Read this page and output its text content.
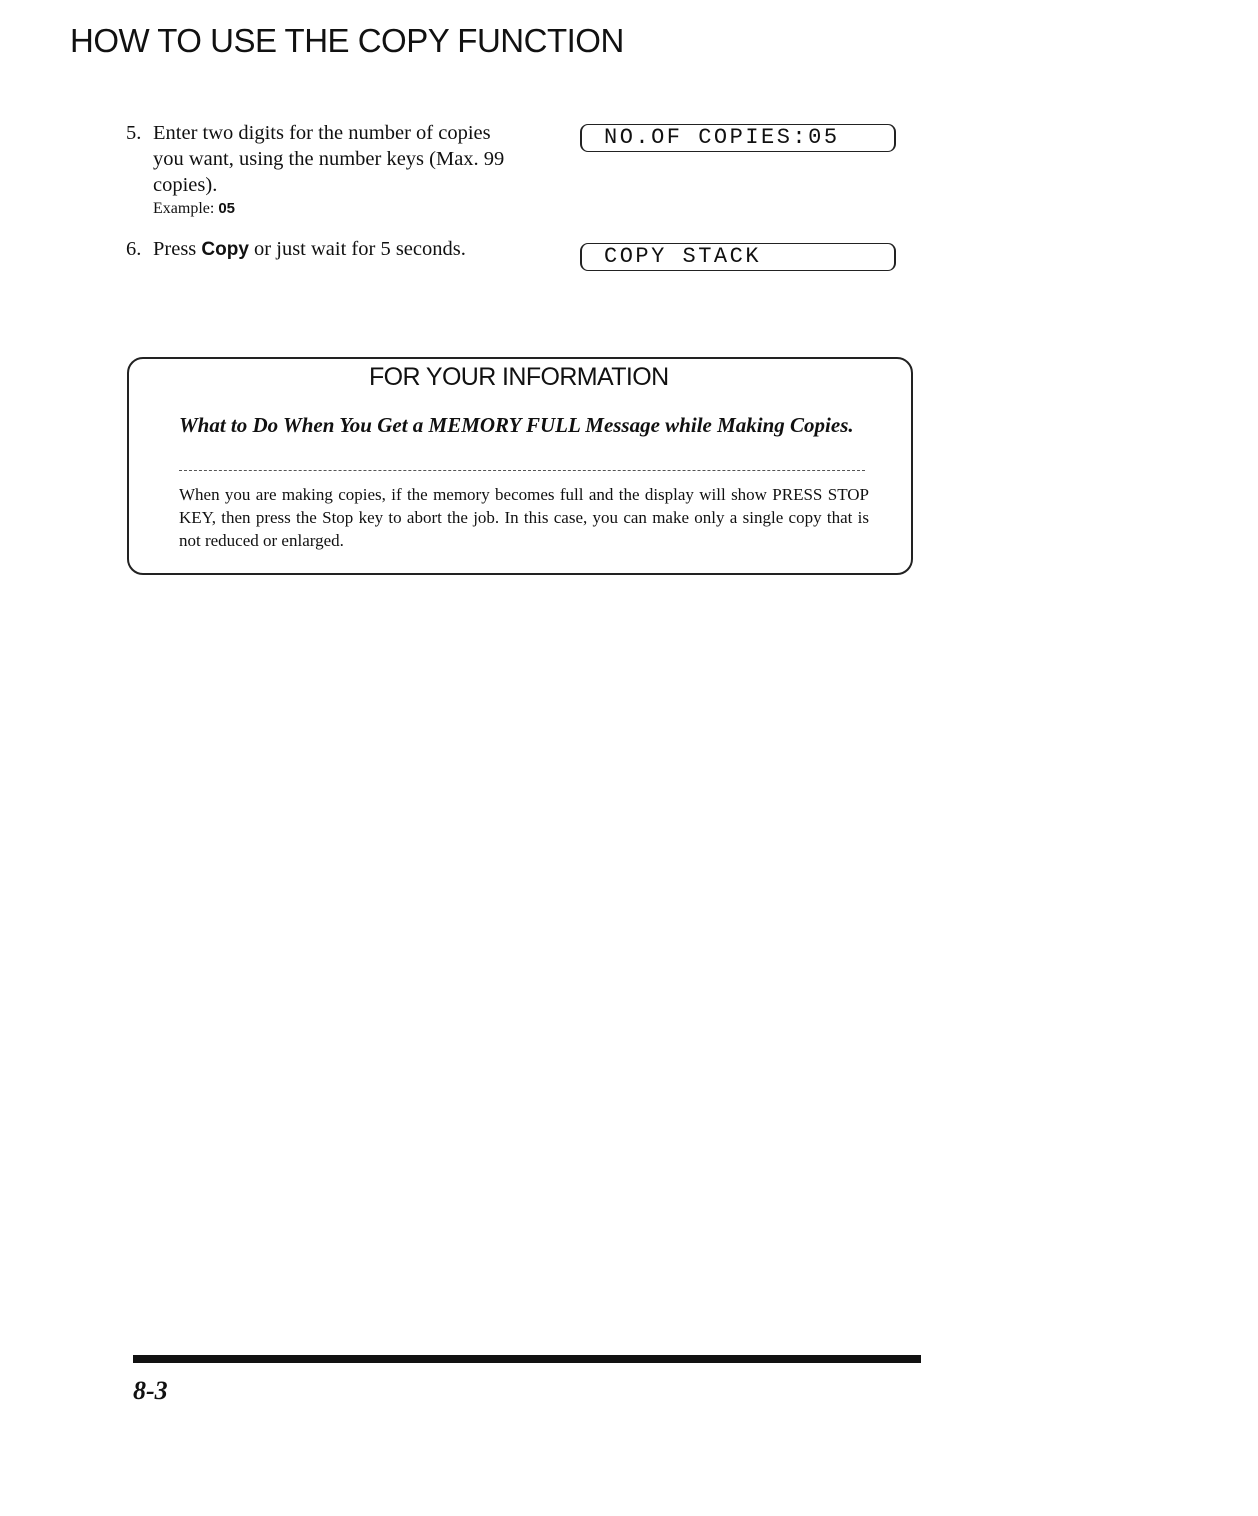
HOW TO USE THE COPY FUNCTION
5. Enter two digits for the number of copies you want, using the number keys (Max. 99 copies).
Example: 05
NO.OF COPIES:05
6. Press Copy or just wait for 5 seconds.	COPY STACK
FOR YOUR INFORMATION
What to Do When You Get a MEMORY FULL Message while Making Copies.
When you are making copies, if the memory becomes full and the display will show PRESS STOP KEY, then press the Stop key to abort the job. In this case, you can make only a single copy that is not reduced or enlarged.
8-3
